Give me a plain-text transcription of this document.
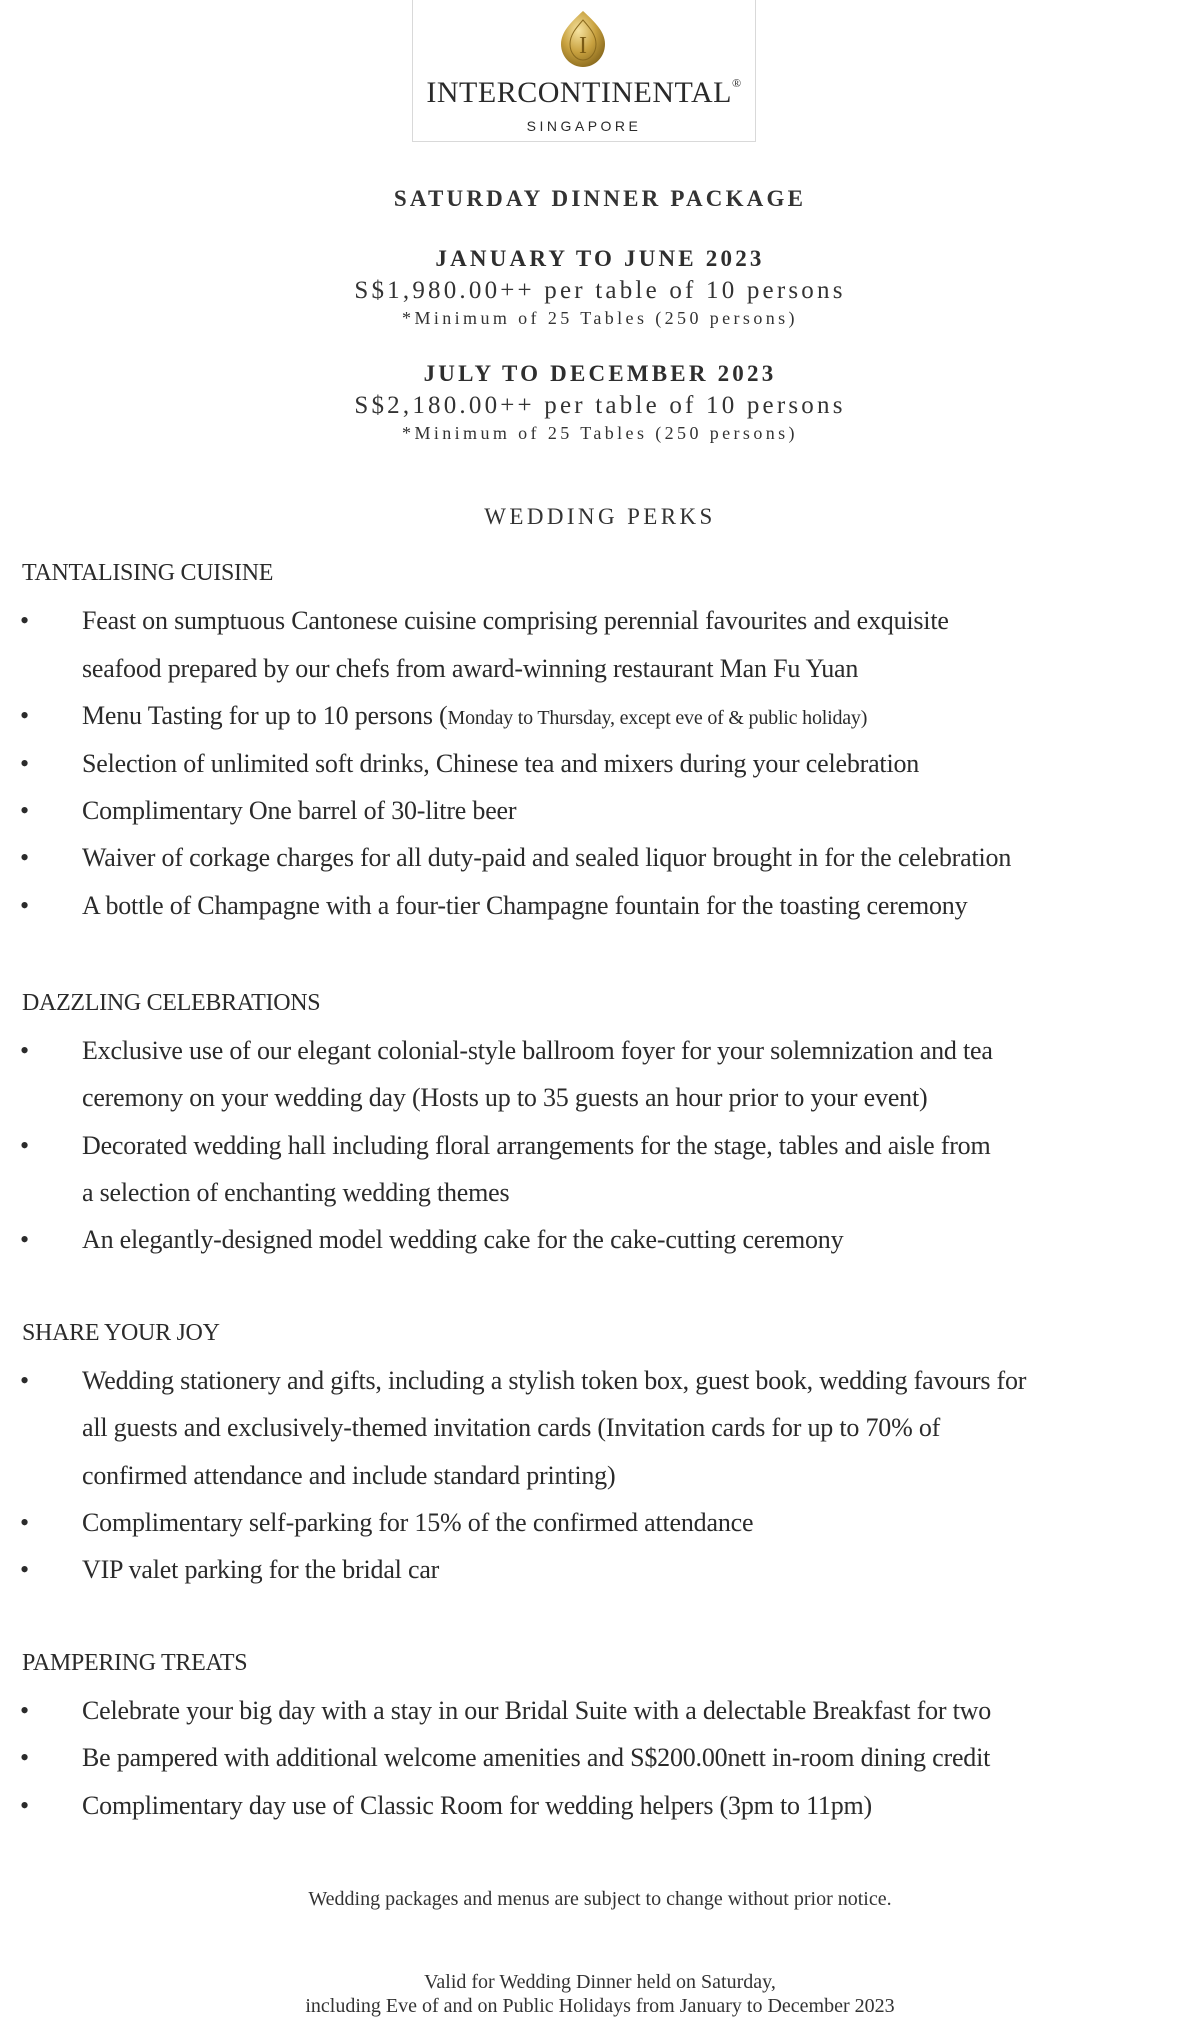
I
INTERCONTINENTAL®
SINGAPORE
SATURDAY DINNER PACKAGE
JANUARY TO JUNE 2023
S$1,980.00++ per table of 10 persons
*Minimum of 25 Tables (250 persons)
JULY TO DECEMBER 2023
S$2,180.00++ per table of 10 persons
*Minimum of 25 Tables (250 persons)
WEDDING PERKS
TANTALISING CUISINE
• Feast on sumptuous Cantonese cuisine comprising perennial favourites and exquisite
seafood prepared by our chefs from award-winning restaurant Man Fu Yuan
• Menu Tasting for up to 10 persons (Monday to Thursday, except eve of & public holiday)
• Selection of unlimited soft drinks, Chinese tea and mixers during your celebration
• Complimentary One barrel of 30-litre beer
• Waiver of corkage charges for all duty-paid and sealed liquor brought in for the celebration
• A bottle of Champagne with a four-tier Champagne fountain for the toasting ceremony
DAZZLING CELEBRATIONS
• Exclusive use of our elegant colonial-style ballroom foyer for your solemnization and tea
ceremony on your wedding day (Hosts up to 35 guests an hour prior to your event)
• Decorated wedding hall including floral arrangements for the stage, tables and aisle from
a selection of enchanting wedding themes
• An elegantly-designed model wedding cake for the cake-cutting ceremony
SHARE YOUR JOY
• Wedding stationery and gifts, including a stylish token box, guest book, wedding favours for
all guests and exclusively-themed invitation cards (Invitation cards for up to 70% of
confirmed attendance and include standard printing)
• Complimentary self-parking for 15% of the confirmed attendance
• VIP valet parking for the bridal car
PAMPERING TREATS
• Celebrate your big day with a stay in our Bridal Suite with a delectable Breakfast for two
• Be pampered with additional welcome amenities and S$200.00nett in-room dining credit
• Complimentary day use of Classic Room for wedding helpers (3pm to 11pm)
Wedding packages and menus are subject to change without prior notice.
Valid for Wedding Dinner held on Saturday,
including Eve of and on Public Holidays from January to December 2023
